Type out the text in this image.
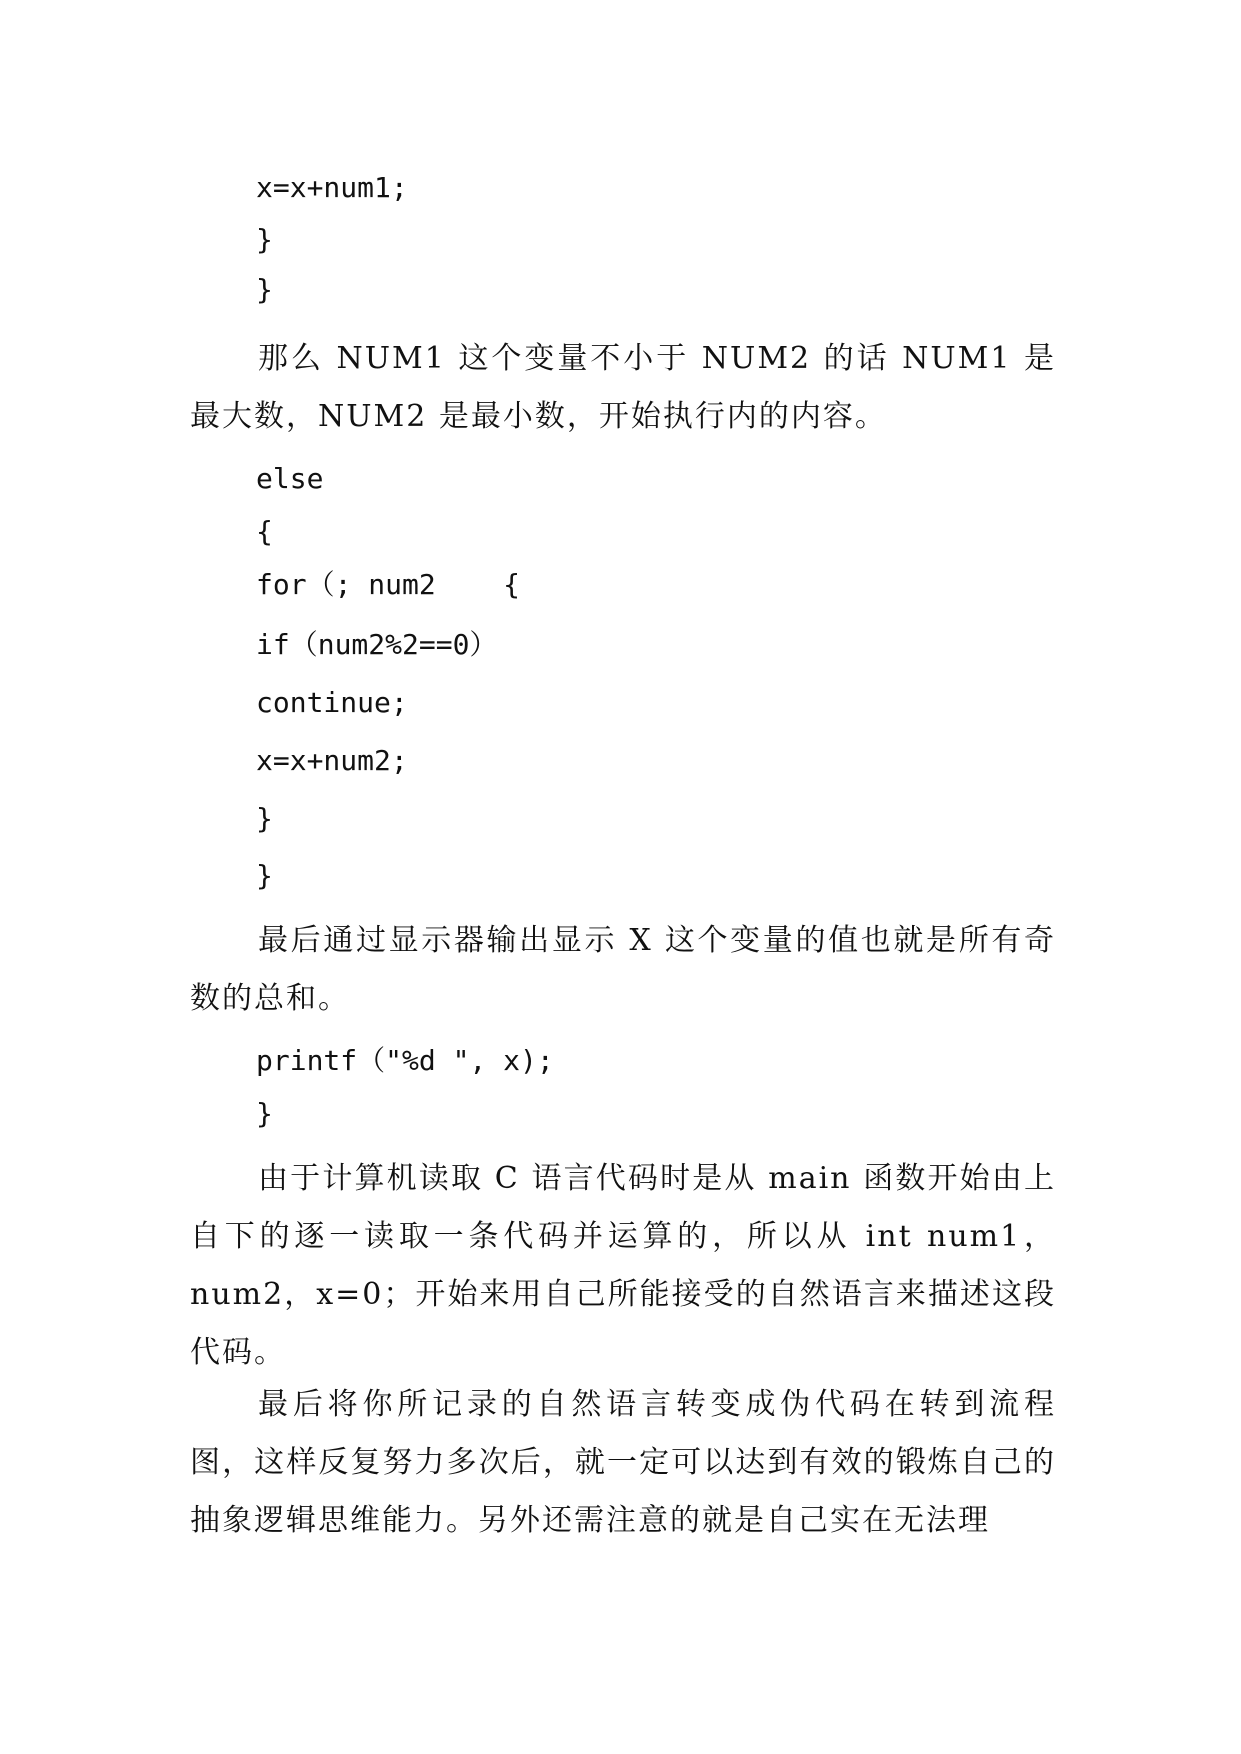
x=x+num1;
}
}
那么 NUM1 这个变量不小于 NUM2 的话 NUM1 是最大数，NUM2 是最小数，开始执行内的内容。
else
{
for（; num2    {
if（num2%2==0）
continue;
x=x+num2;
}
}
最后通过显示器输出显示 X 这个变量的值也就是所有奇数的总和。
printf（"%d ", x);
}
由于计算机读取 C 语言代码时是从 main 函数开始由上自下的逐一读取一条代码并运算的，所以从 int num1，num2，x=0；开始来用自己所能接受的自然语言来描述这段代码。
最后将你所记录的自然语言转变成伪代码在转到流程图，这样反复努力多次后，就一定可以达到有效的锻炼自己的抽象逻辑思维能力。另外还需注意的就是自己实在无法理
